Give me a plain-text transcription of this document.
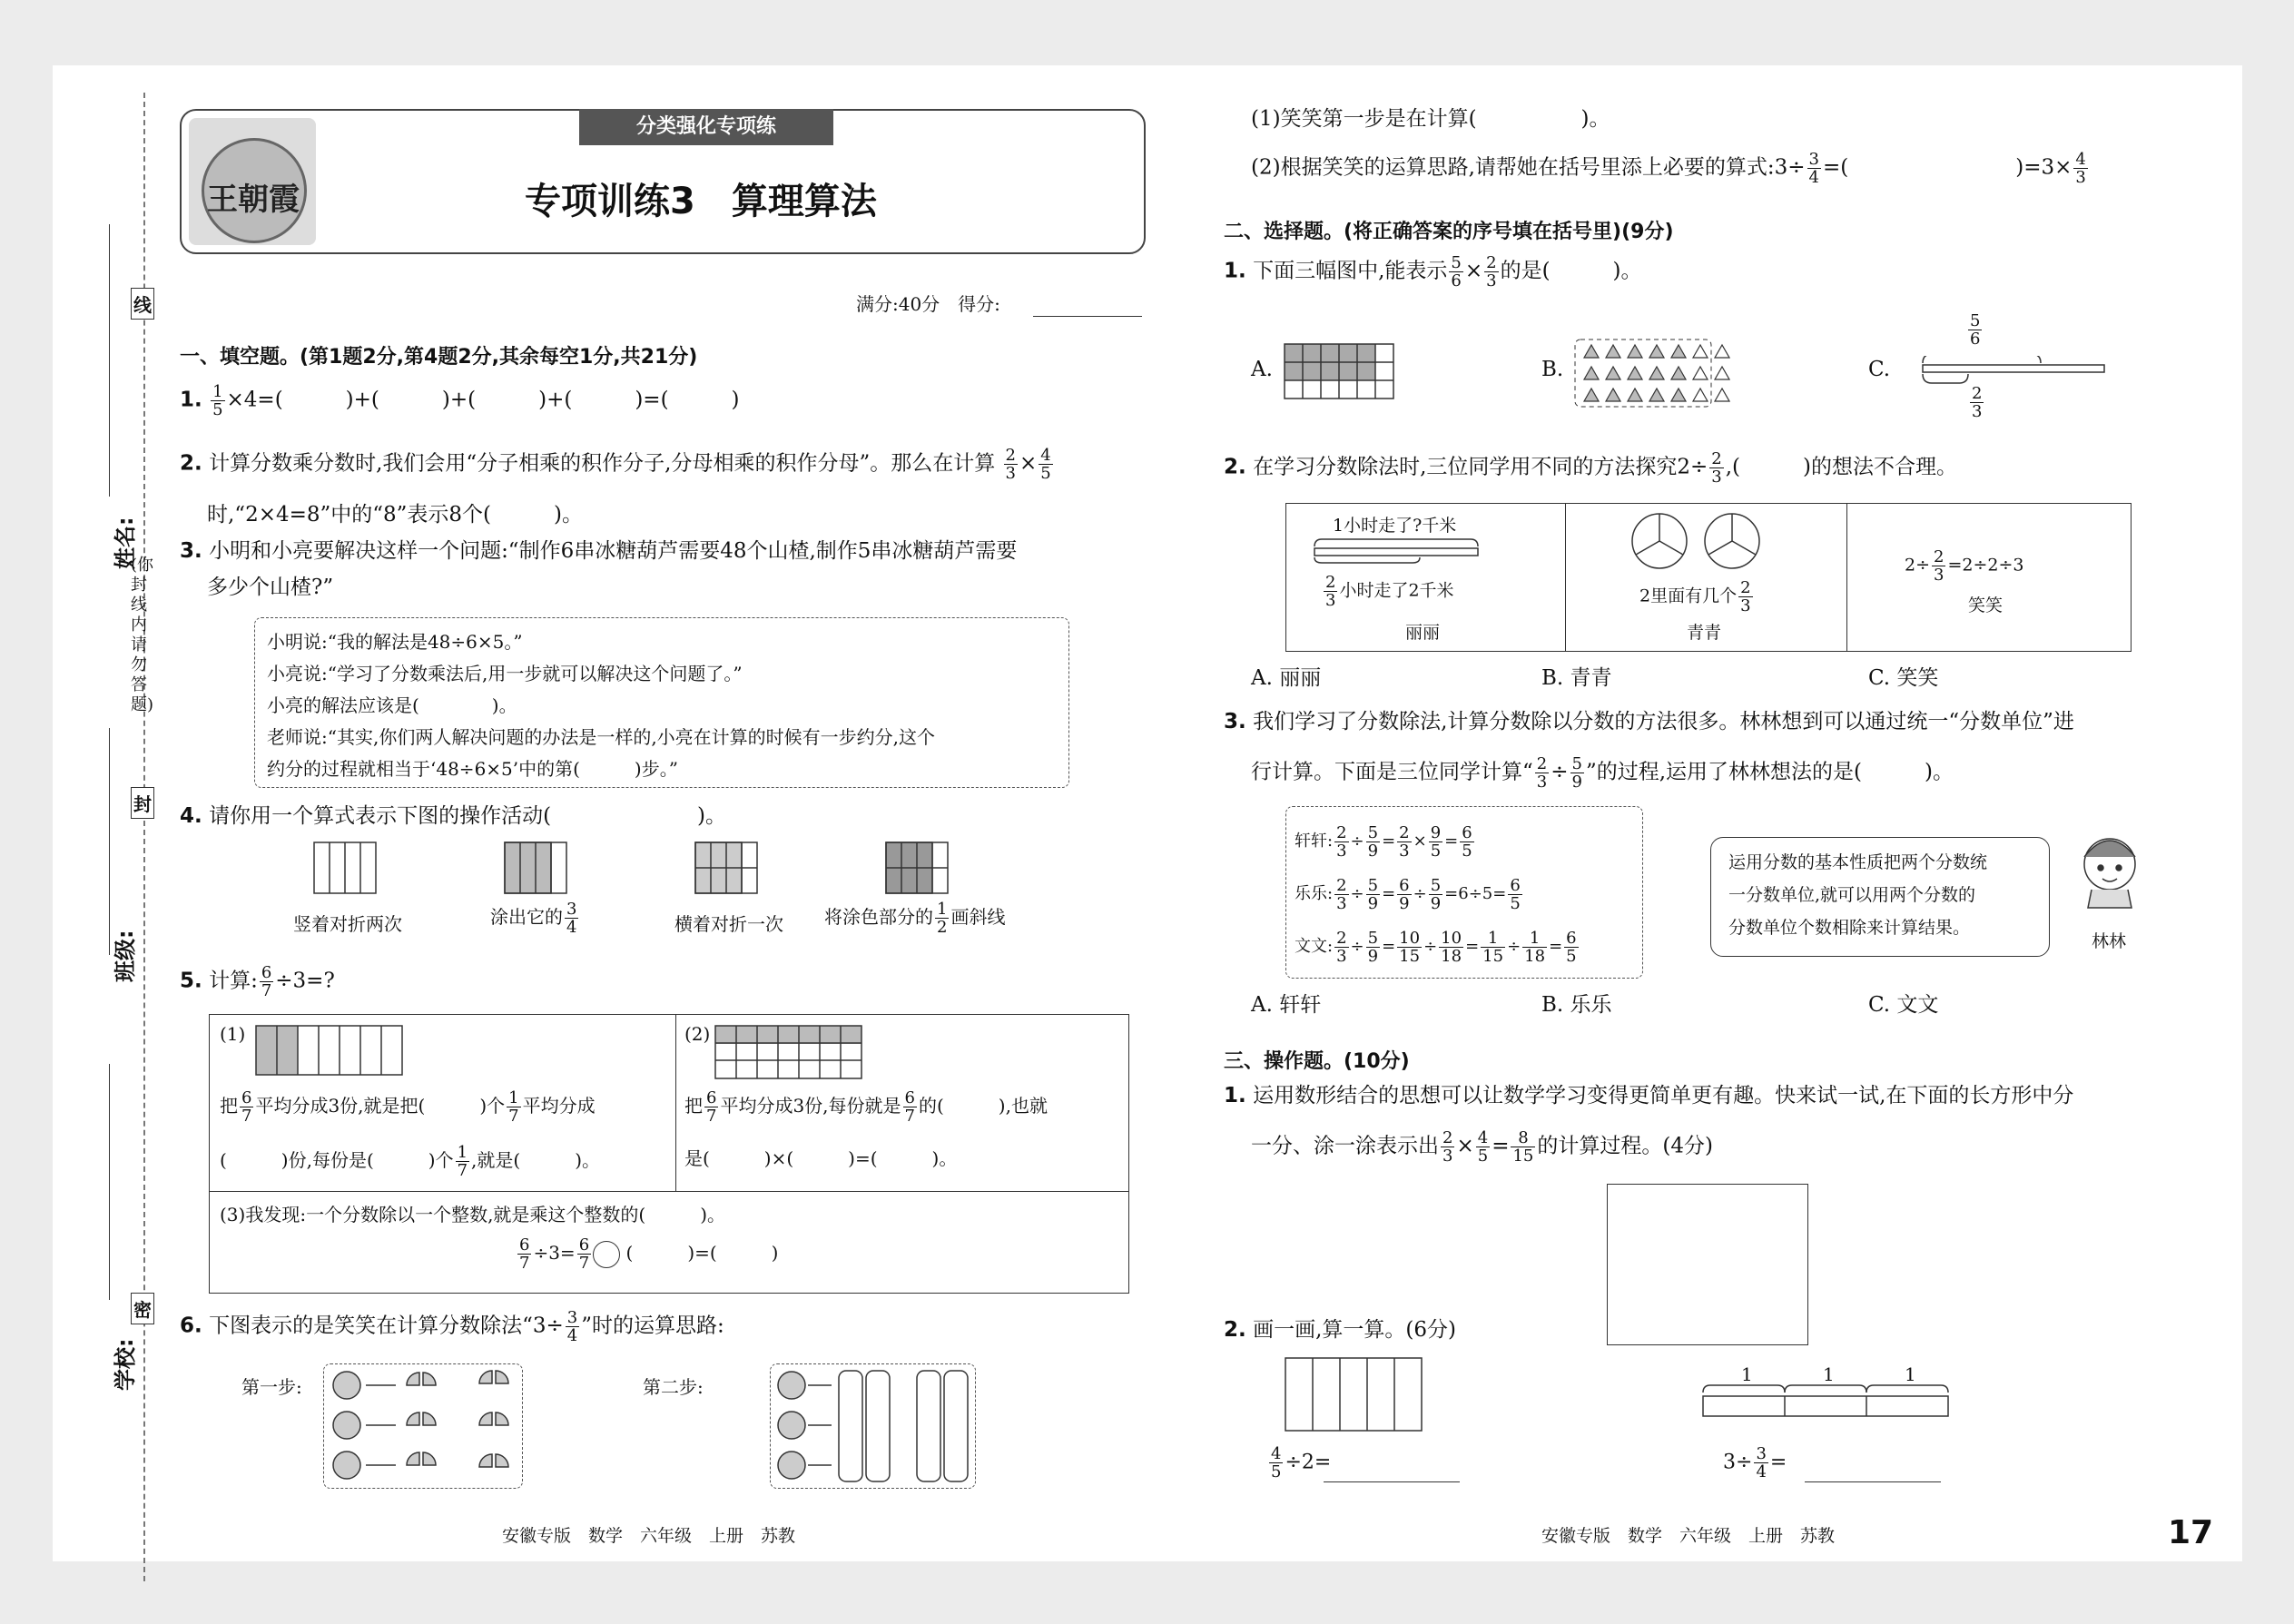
线
封
密
(你封线内请勿答题)
姓名:
班级:
学校:
王朝霞
分类强化专项练
专项训练3　算理算法
满分:40分　得分:
一、填空题。(第1题2分,第4题2分,其余每空1分,共21分)
1. $\frac{1}{5} \times 4=$(　　　)+(　　　)+(　　　)+(　　　)=(　　　)
2. 计算分数乘分数时,我们会用“分子相乘的积作分子,分母相乘的积作分母”。那么在计算 $\frac{2}{3} \times \frac{4}{5}$
时,“2×4=8”中的“8”表示8个(　　　)。
3. 小明和小亮要解决这样一个问题:“制作6串冰糖葫芦需要48个山楂,制作5串冰糖葫芦需要
多少个山楂?”
小明说:“我的解法是48÷6×5。”
小亮说:“学习了分数乘法后,用一步就可以解决这个问题了。”
小亮的解法应该是(　　　　)。
老师说:“其实,你们两人解决问题的办法是一样的,小亮在计算的时候有一步约分,这个
约分的过程就相当于‘48÷6×5’中的第(　　　)步。”
4. 请你用一个算式表示下图的操作活动(　　　　　　　)。
竖着对折两次	涂出它的 $\frac{3}{4}$	横着对折一次 将涂色部分的 $\frac{1}{2}$ 画斜线
5. 计算: $\frac{6}{7} \div 3=$?
(1)
把 $\frac{6}{7}$ 平均分成3份,就是把(　　　)个 $\frac{1}{7}$ 平均分成
(　　　)份,每份是(　　　)个 $\frac{1}{7}$ ,就是(　　　)。
(2)
把 $\frac{6}{7}$ 平均分成3份,每份就是 $\frac{6}{7}$ 的(　　　),也就
是(　　　)×(　　　)=(　　　)。
(3)我发现:一个分数除以一个整数,就是乘这个整数的(　　　)。
$\frac{6}{7} \div 3= \frac{6}{7}$ (　　　)=(　　　)
6. 下图表示的是笑笑在计算分数除法“$3\div \frac{3}{4}$ ”时的运算思路:
第一步:	第二步:
安徽专版　数学　六年级　上册　苏教
(1)笑笑第一步是在计算(　　　　　)。
(2)根据笑笑的运算思路,请帮她在括号里添上必要的算式:3÷ $\frac{3}{4}$ =(　　　　　　　　)$=3\times \frac{4}{3}$
二、选择题。(将正确答案的序号填在括号里)(9分)
1. 下面三幅图中,能表示 $\frac{5}{6} \times \frac{2}{3}$ 的是(　　　)。
A.	B.	C.
$\frac{5}{6}$
$\frac{2}{3}$
2. 在学习分数除法时,三位同学用不同的方法探究$2\div \frac{2}{3}$ ,(　　　)的想法不合理。
1小时走了?千米
$\frac{2}{3}$ 小时走了2千米
丽丽
2里面有几个 $\frac{2}{3}$
青青
$2\div \frac{2}{3} =2\div 2\div 3$
笑笑
A. 丽丽	B. 青青	C. 笑笑
3. 我们学习了分数除法,计算分数除以分数的方法很多。林林想到可以通过统一“分数单位”进
行计算。下面是三位同学计算“ $\frac{2}{3} \div \frac{5}{9}$ ”的过程,运用了林林想法的是(　　　)。
轩轩: $\frac{2}{3} \div \frac{5}{9} = \frac{2}{3} \times \frac{9}{5} = \frac{6}{5}$
乐乐: $\frac{2}{3} \div \frac{5}{9} = \frac{6}{9} \div \frac{5}{9} =6\div 5= \frac{6}{5}$
文文: $\frac{2}{3} \div \frac{5}{9} = \frac{10}{15} \div \frac{10}{18} = \frac{1}{15} \div \frac{1}{18} = \frac{6}{5}$
运用分数的基本性质把两个分数统
一分数单位,就可以用两个分数的
分数单位个数相除来计算结果。
林林
A. 轩轩	B. 乐乐	C. 文文
三、操作题。(10分)
1. 运用数形结合的思想可以让数学学习变得更简单更有趣。快来试一试,在下面的长方形中分
一分、涂一涂表示出 $\frac{2}{3} \times \frac{4}{5} = \frac{8}{15}$ 的计算过程。(4分)
2. 画一画,算一算。(6分)
$\frac{4}{5} \div 2=$
1	1	1
$3\div \frac{3}{4}$ =
安徽专版　数学　六年级　上册　苏教	17
